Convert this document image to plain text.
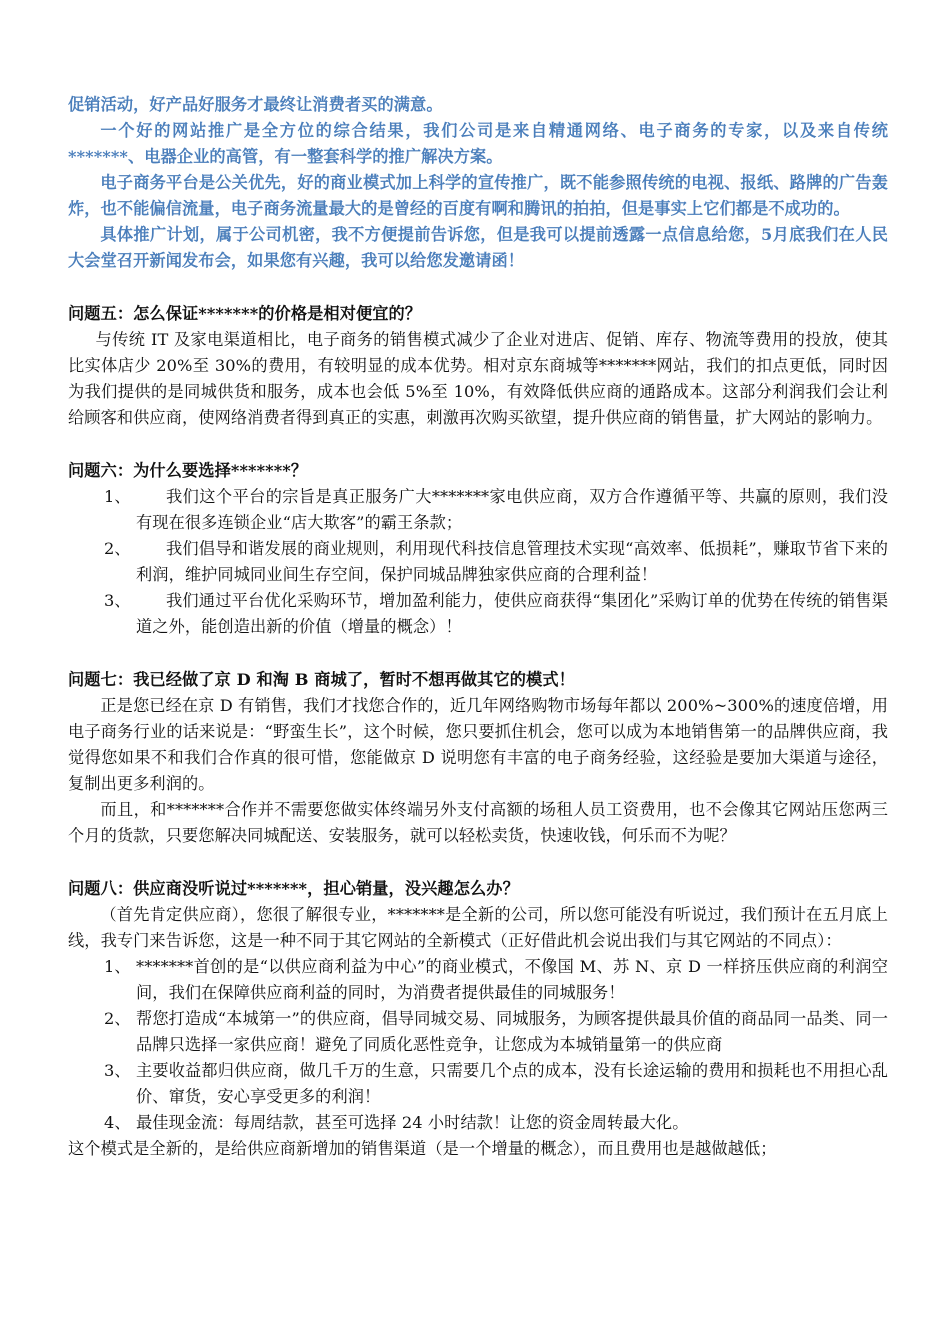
促销活动，好产品好服务才最终让消费者买的满意。

一个好的网站推广是全方位的综合结果，我们公司是来自精通网络、电子商务的专家，以及来自传统*******、电器企业的高管，有一整套科学的推广解决方案。

电子商务平台是公关优先，好的商业模式加上科学的宣传推广，既不能参照传统的电视、报纸、路牌的广告轰炸，也不能偏信流量，电子商务流量最大的是曾经的百度有啊和腾讯的拍拍，但是事实上它们都是不成功的。

具体推广计划，属于公司机密，我不方便提前告诉您，但是我可以提前透露一点信息给您，5月底我们在人民大会堂召开新闻发布会，如果您有兴趣，我可以给您发邀请函！

问题五：怎么保证*******的价格是相对便宜的？

与传统 IT 及家电渠道相比，电子商务的销售模式减少了企业对进店、促销、库存、物流等费用的投放，使其比实体店少 20%至 30%的费用，有较明显的成本优势。相对京东商城等*******网站，我们的扣点更低，同时因为我们提供的是同城供货和服务，成本也会低 5%至 10%，有效降低供应商的通路成本。这部分利润我们会让利给顾客和供应商，使网络消费者得到真正的实惠，刺激再次购买欲望，提升供应商的销售量，扩大网站的影响力。

问题六：为什么要选择*******？

1、	我们这个平台的宗旨是真正服务广大*******家电供应商，双方合作遵循平等、共赢的原则，我们没有现在很多连锁企业“店大欺客”的霸王条款；

2、	我们倡导和谐发展的商业规则，利用现代科技信息管理技术实现“高效率、低损耗”，赚取节省下来的利润，维护同城同业间生存空间，保护同城品牌独家供应商的合理利益！

3、	我们通过平台优化采购环节，增加盈利能力，使供应商获得“集团化”采购订单的优势在传统的销售渠道之外，能创造出新的价值（增量的概念）！

问题七：我已经做了京 D 和淘 B 商城了，暂时不想再做其它的模式！

正是您已经在京 D 有销售，我们才找您合作的，近几年网络购物市场每年都以 200%~300%的速度倍增，用电子商务行业的话来说是：“野蛮生长”，这个时候，您只要抓住机会，您可以成为本地销售第一的品牌供应商，我觉得您如果不和我们合作真的很可惜，您能做京 D 说明您有丰富的电子商务经验，这经验是要加大渠道与途径，复制出更多利润的。

而且，和*******合作并不需要您做实体终端另外支付高额的场租人员工资费用，也不会像其它网站压您两三个月的货款，只要您解决同城配送、安装服务，就可以轻松卖货，快速收钱，何乐而不为呢？

问题八：供应商没听说过*******，担心销量，没兴趣怎么办？

（首先肯定供应商），您很了解很专业，*******是全新的公司，所以您可能没有听说过，我们预计在五月底上线，我专门来告诉您，这是一种不同于其它网站的全新模式（正好借此机会说出我们与其它网站的不同点）：

1、 *******首创的是“以供应商利益为中心”的商业模式，不像国 M、苏 N、京 D 一样挤压供应商的利润空间，我们在保障供应商利益的同时，为消费者提供最佳的同城服务！

2、 帮您打造成“本城第一”的供应商，倡导同城交易、同城服务，为顾客提供最具价值的商品同一品类、同一品牌只选择一家供应商！避免了同质化恶性竞争，让您成为本城销量第一的供应商

3、 主要收益都归供应商，做几千万的生意，只需要几个点的成本，没有长途运输的费用和损耗也不用担心乱价、窜货，安心享受更多的利润！

4、 最佳现金流：每周结款，甚至可选择 24 小时结款！让您的资金周转最大化。

这个模式是全新的，是给供应商新增加的销售渠道（是一个增量的概念），而且费用也是越做越低；
